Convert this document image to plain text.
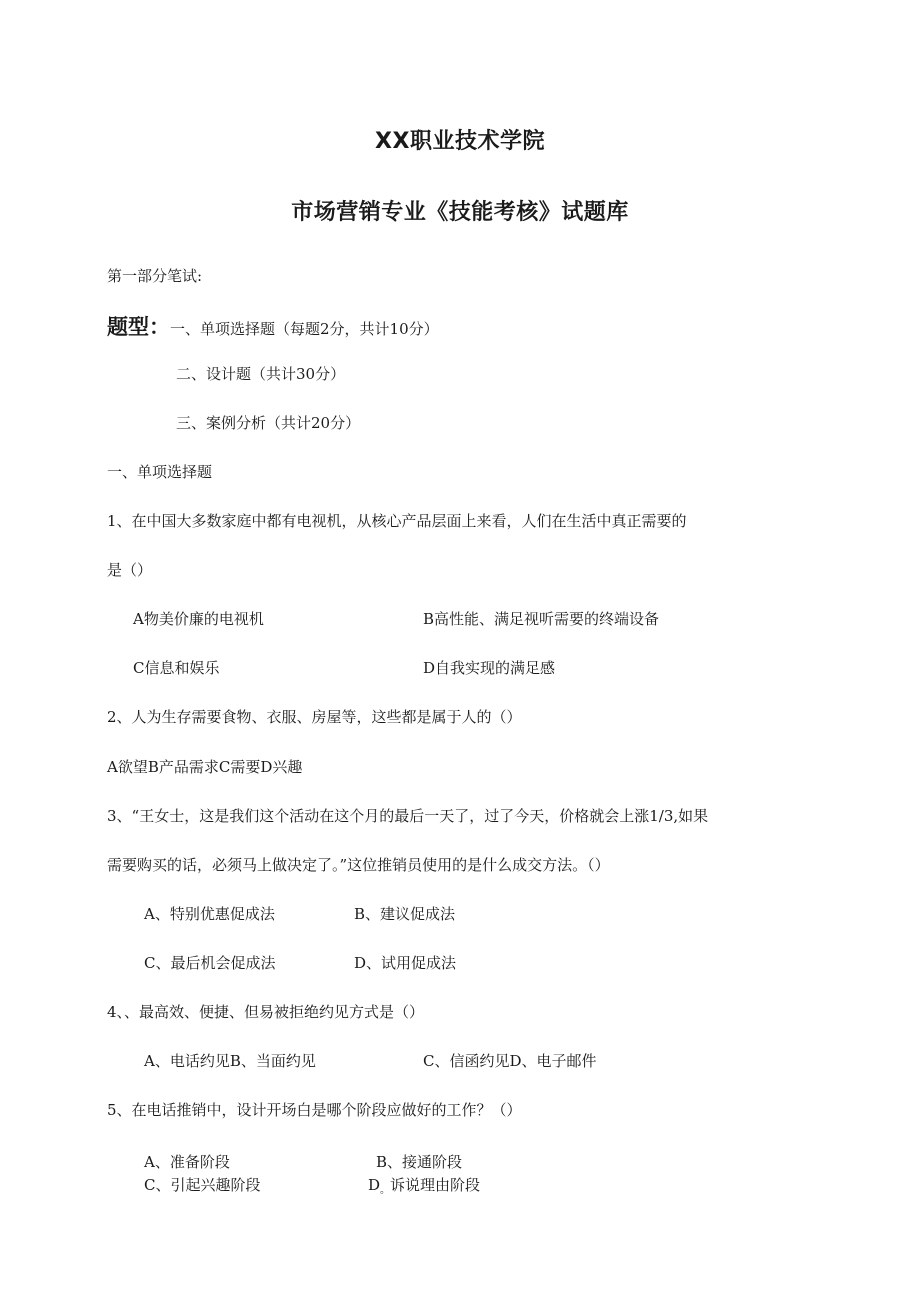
XX职业技术学院
市场营销专业《技能考核》试题库
第一部分笔试:
题型：一、单项选择题（每题2分，共计10分）
二、设计题（共计30分）
三、案例分析（共计20分）
一、单项选择题
1、在中国大多数家庭中都有电视机，从核心产品层面上来看，人们在生活中真正需要的
是（）
A物美价廉的电视机	B高性能、满足视听需要的终端设备
C信息和娱乐	D自我实现的满足感
2、人为生存需要食物、衣服、房屋等，这些都是属于人的（）
A欲望B产品需求C需要D兴趣
3、“王女士，这是我们这个活动在这个月的最后一天了，过了今天，价格就会上涨1/3,如果
需要购买的话，必须马上做决定了。”这位推销员使用的是什么成交方法。（）
A、特别优惠促成法	B、建议促成法
C、最后机会促成法	D、试用促成法
4、、最高效、便捷、但易被拒绝约见方式是（）
A、电话约见B、当面约见	C、信函约见D、电子邮件
5、在电话推销中，设计开场白是哪个阶段应做好的工作？（）
A、准备阶段	B、接通阶段
C、引起兴趣阶段	$D_。$诉说理由阶段
